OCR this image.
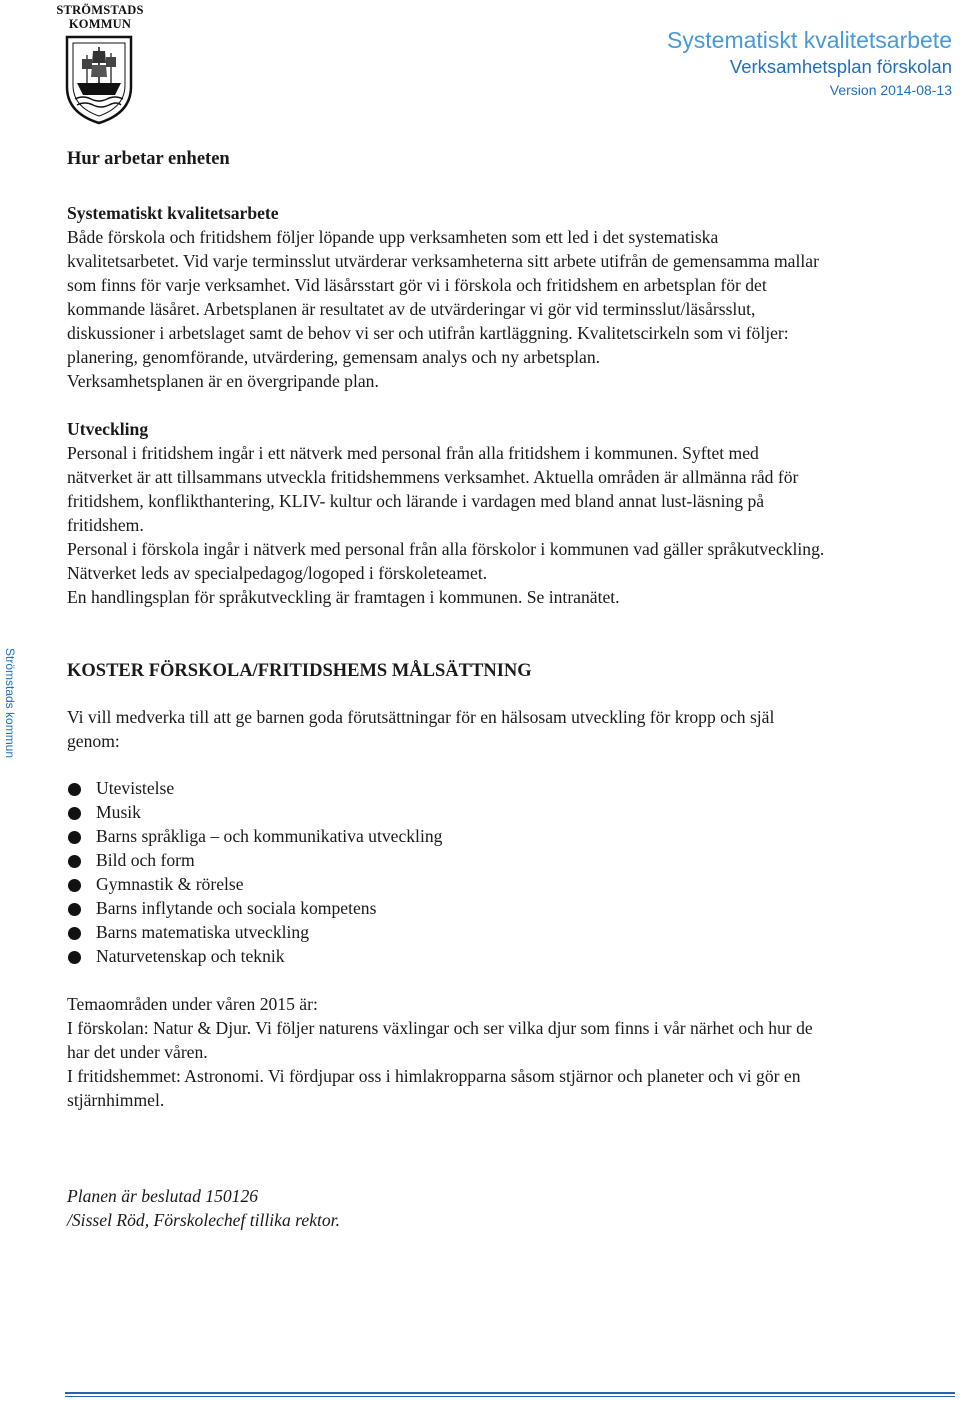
STRÖMSTADS
KOMMUN
Systematiskt kvalitetsarbete
Verksamhetsplan förskolan
Version 2014-08-13
Strömstads kommun
Hur arbetar enheten

Systematiskt kvalitetsarbete

Både förskola och fritidshem följer löpande upp verksamheten som ett led i det systematiska

kvalitetsarbetet. Vid varje terminsslut utvärderar verksamheterna sitt arbete utifrån de gemensamma mallar

som finns för varje verksamhet. Vid läsårsstart gör vi i förskola och fritidshem en arbetsplan för det

kommande läsåret. Arbetsplanen är resultatet av de utvärderingar vi gör vid terminsslut/läsårsslut,

diskussioner i arbetslaget samt de behov vi ser och utifrån kartläggning. Kvalitetscirkeln som vi följer:

planering, genomförande, utvärdering, gemensam analys och ny arbetsplan.

Verksamhetsplanen är en övergripande plan.

Utveckling

Personal i fritidshem ingår i ett nätverk med personal från alla fritidshem i kommunen. Syftet med

nätverket är att tillsammans utveckla fritidshemmens verksamhet. Aktuella områden är allmänna råd för

fritidshem, konflikthantering, KLIV- kultur och lärande i vardagen med bland annat lust-läsning på

fritidshem.

Personal i förskola ingår i nätverk med personal från alla förskolor i kommunen vad gäller språkutveckling.

Nätverket leds av specialpedagog/logoped i förskoleteamet.

En handlingsplan för språkutveckling är framtagen i kommunen. Se intranätet.

KOSTER FÖRSKOLA/FRITIDSHEMS MÅLSÄTTNING

Vi vill medverka till att ge barnen goda förutsättningar för en hälsosam utveckling för kropp och själ

genom:

Utevistelse
Musik
Barns språkliga – och kommunikativa utveckling
Bild och form
Gymnastik & rörelse
Barns inflytande och sociala kompetens
Barns matematiska utveckling
Naturvetenskap och teknik

Temaområden under våren 2015 är:

I förskolan: Natur & Djur. Vi följer naturens växlingar och ser vilka djur som finns i vår närhet och hur de

har det under våren.

I fritidshemmet: Astronomi. Vi fördjupar oss i himlakropparna såsom stjärnor och planeter och vi gör en

stjärnhimmel.

Planen är beslutad 150126

/Sissel Röd, Förskolechef tillika rektor.
